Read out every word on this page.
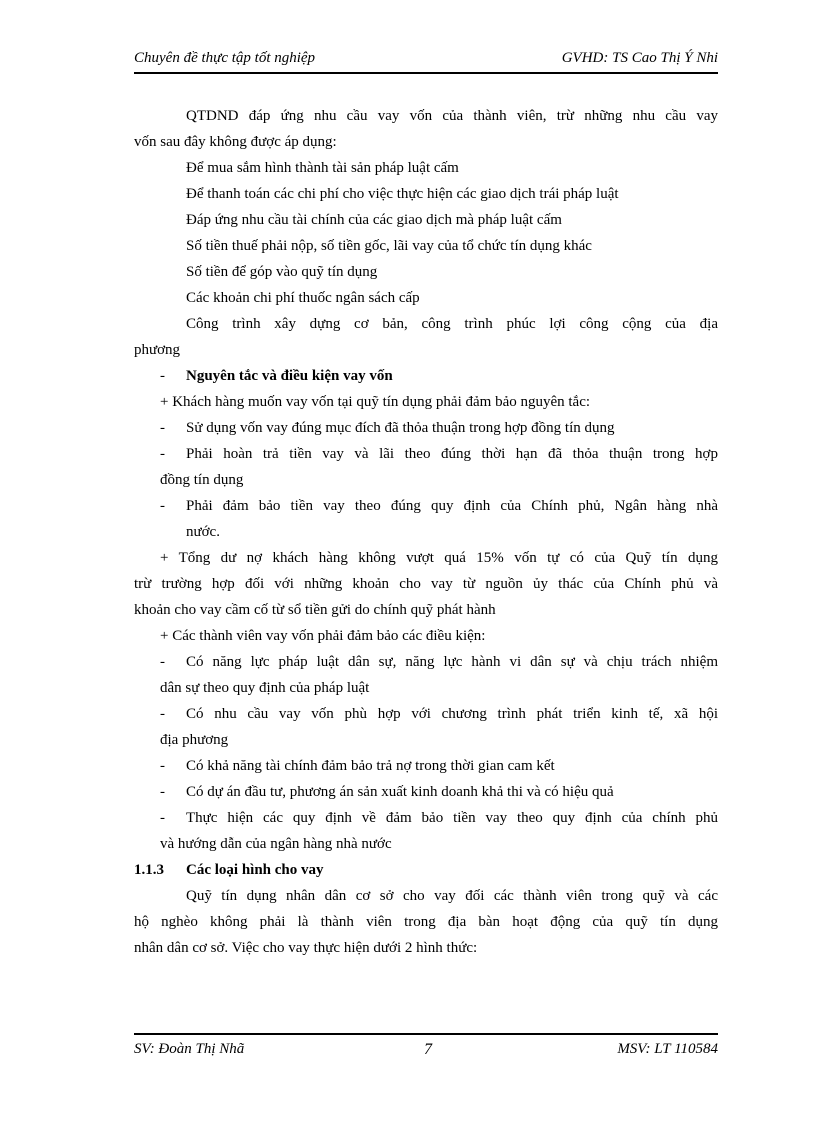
Chuyên đề thực tập tốt nghiệp	GVHD: TS Cao Thị Ý Nhi
QTDND đáp ứng nhu cầu vay vốn của thành viên, trừ những nhu cầu vay
vốn sau đây không được áp dụng:
Để mua sắm hình thành tài sản pháp luật cấm
Để thanh toán các chi phí cho việc thực hiện các giao dịch trái pháp luật
Đáp ứng nhu cầu tài chính của các giao dịch mà pháp luật cấm
Số tiền thuế phải nộp, số tiền gốc, lãi vay của tổ chức tín dụng khác
Số tiền để góp vào quỹ tín dụng
Các khoản chi phí thuốc ngân sách cấp
Công trình xây dựng cơ bản, công trình phúc lợi công cộng của địa
phương
-	Nguyên tắc và điều kiện vay vốn
+ Khách hàng muốn vay vốn tại quỹ tín dụng phải đảm bảo nguyên tắc:
-	Sử dụng vốn vay đúng mục đích đã thỏa thuận trong hợp đồng tín dụng
-	Phải hoàn trả tiền vay và lãi theo đúng thời hạn đã thỏa thuận trong hợp
đồng tín dụng
-	Phải đảm bảo tiền vay theo đúng quy định của Chính phủ, Ngân hàng nhà
nước.
+ Tổng dư nợ khách hàng không vượt quá 15% vốn tự có của Quỹ tín dụng
trừ trường hợp đối với những khoản cho vay từ nguồn ủy thác của Chính phủ và
khoản cho vay cầm cố từ sổ tiền gửi do chính quỹ phát hành
+ Các thành viên vay vốn phải đảm bảo các điều kiện:
-	Có năng lực pháp luật dân sự, năng lực hành vi dân sự và chịu trách nhiệm
dân sự theo quy định của pháp luật
-	Có nhu cầu vay vốn phù hợp với chương trình phát triển kinh tế, xã hội
địa phương
-	Có khả năng tài chính đảm bảo trả nợ trong thời gian cam kết
-	Có dự án đầu tư, phương án sản xuất kinh doanh khả thi và có hiệu quả
-	Thực hiện các quy định về đảm bảo tiền vay theo quy định của chính phủ
và hướng dẫn của ngân hàng nhà nước
1.1.3	Các loại hình cho vay
Quỹ tín dụng nhân dân cơ sở cho vay đối các thành viên trong quỹ và các
hộ nghèo không phải là thành viên trong địa bàn hoạt động của quỹ tín dụng
nhân dân cơ sở. Việc cho vay thực hiện dưới 2 hình thức:
SV: Đoàn Thị Nhã	7	MSV: LT 110584
